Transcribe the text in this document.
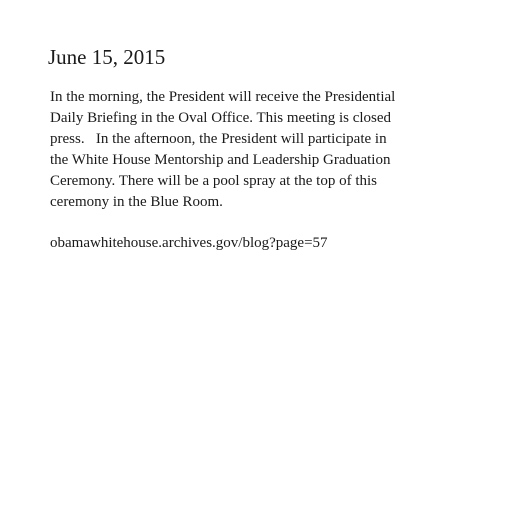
June 15, 2015
In the morning, the President will receive the Presidential
Daily Briefing in the Oval Office. This meeting is closed
press.   In the afternoon, the President will participate in
the White House Mentorship and Leadership Graduation
Ceremony. There will be a pool spray at the top of this
ceremony in the Blue Room.
obamawhitehouse.archives.gov/blog?page=57
